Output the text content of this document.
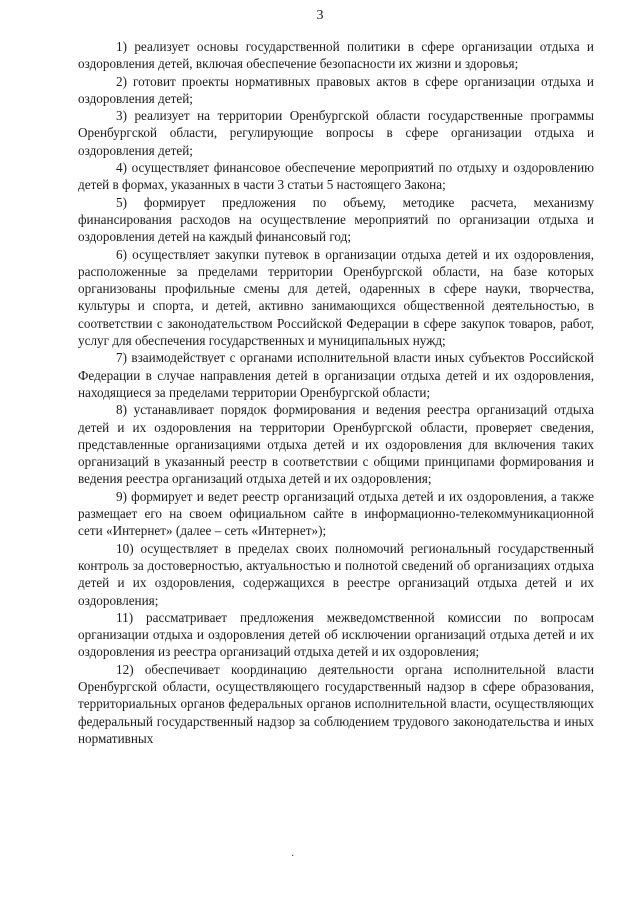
3

1) реализует основы государственной политики в сфере организации отдыха и оздоровления детей, включая обеспечение безопасности их жизни и здоровья;

2) готовит проекты нормативных правовых актов в сфере организации отдыха и оздоровления детей;

3) реализует на территории Оренбургской области государственные программы Оренбургской области, регулирующие вопросы в сфере организации отдыха и оздоровления детей;

4) осуществляет финансовое обеспечение мероприятий по отдыху и оздоровлению детей в формах, указанных в части 3 статьи 5 настоящего Закона;

5) формирует предложения по объему, методике расчета, механизму финансирования расходов на осуществление мероприятий по организации отдыха и оздоровления детей на каждый финансовый год;

6) осуществляет закупки путевок в организации отдыха детей и их оздоровления, расположенные за пределами территории Оренбургской области, на базе которых организованы профильные смены для детей, одаренных в сфере науки, творчества, культуры и спорта, и детей, активно занимающихся общественной деятельностью, в соответствии с законодательством Российской Федерации в сфере закупок товаров, работ, услуг для обеспечения государственных и муниципальных нужд;

7) взаимодействует с органами исполнительной власти иных субъектов Российской Федерации в случае направления детей в организации отдыха детей и их оздоровления, находящиеся за пределами территории Оренбургской области;

8) устанавливает порядок формирования и ведения реестра организаций отдыха детей и их оздоровления на территории Оренбургской области, проверяет сведения, представленные организациями отдыха детей и их оздоровления для включения таких организаций в указанный реестр в соответствии с общими принципами формирования и ведения реестра организаций отдыха детей и их оздоровления;

9) формирует и ведет реестр организаций отдыха детей и их оздоровления, а также размещает его на своем официальном сайте в информационно-телекоммуникационной сети «Интернет» (далее – сеть «Интернет»);

10) осуществляет в пределах своих полномочий региональный государственный контроль за достоверностью, актуальностью и полнотой сведений об организациях отдыха детей и их оздоровления, содержащихся в реестре организаций отдыха детей и их оздоровления;

11) рассматривает предложения межведомственной комиссии по вопросам организации отдыха и оздоровления детей об исключении организаций отдыха детей и их оздоровления из реестра организаций отдыха детей и их оздоровления;

12) обеспечивает координацию деятельности органа исполнительной власти Оренбургской области, осуществляющего государственный надзор в сфере образования, территориальных органов федеральных органов исполнительной власти, осуществляющих федеральный государственный надзор за соблюдением трудового законодательства и иных нормативных

·
